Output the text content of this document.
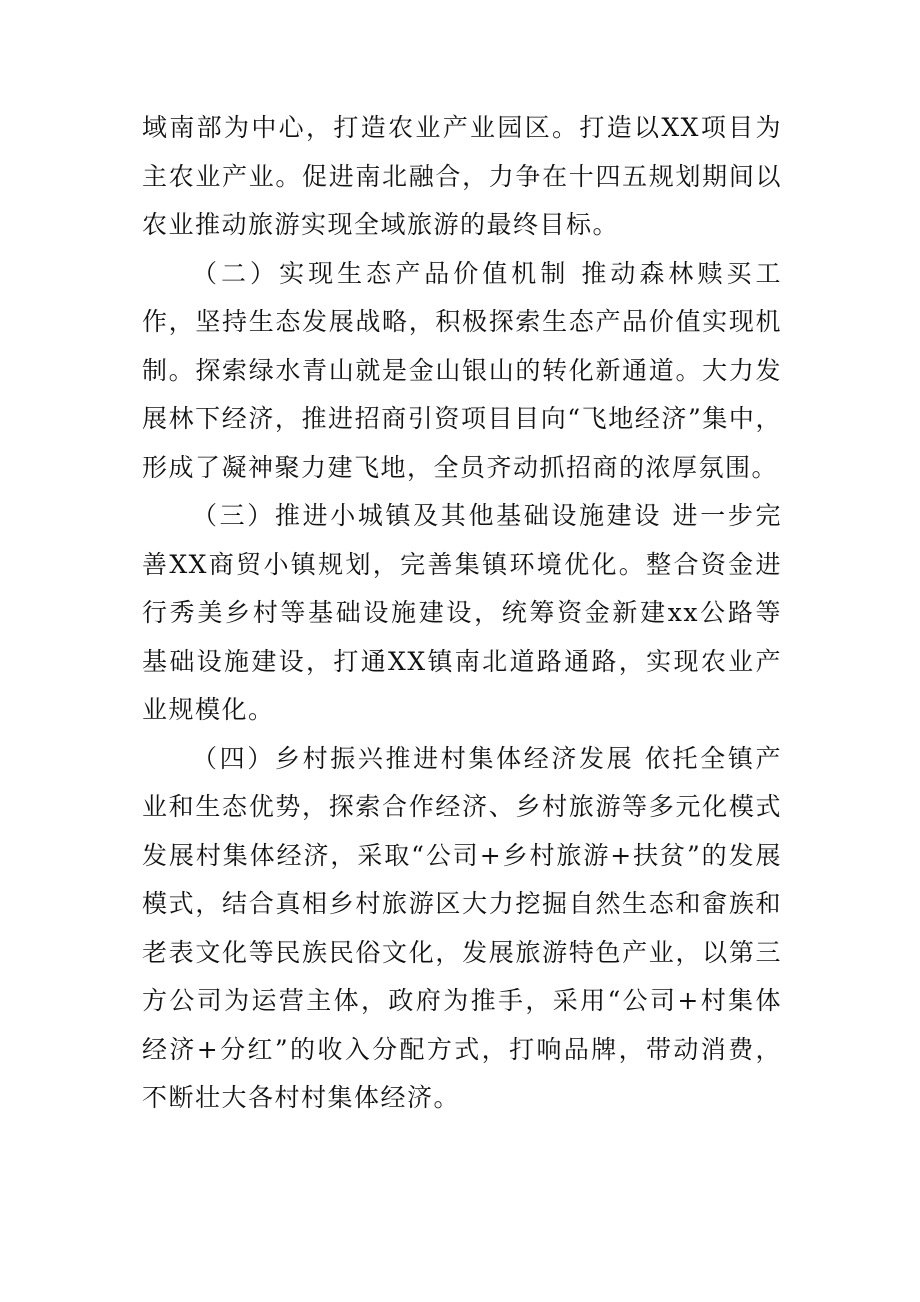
域南部为中心，打造农业产业园区。打造以XX项目为主农业产业。促进南北融合，力争在十四五规划期间以农业推动旅游实现全域旅游的最终目标。

（二）实现生态产品价值机制 推动森林赎买工作，坚持生态发展战略，积极探索生态产品价值实现机制。探索绿水青山就是金山银山的转化新通道。大力发展林下经济，推进招商引资项目目向“飞地经济”集中，形成了凝神聚力建飞地，全员齐动抓招商的浓厚氛围。

（三）推进小城镇及其他基础设施建设 进一步完善XX商贸小镇规划，完善集镇环境优化。整合资金进行秀美乡村等基础设施建设，统筹资金新建xx公路等基础设施建设，打通XX镇南北道路通路，实现农业产业规模化。

（四）乡村振兴推进村集体经济发展 依托全镇产业和生态优势，探索合作经济、乡村旅游等多元化模式发展村集体经济，采取“公司+乡村旅游+扶贫”的发展模式，结合真相乡村旅游区大力挖掘自然生态和畲族和老表文化等民族民俗文化，发展旅游特色产业，以第三方公司为运营主体，政府为推手，采用“公司+村集体经济+分红”的收入分配方式，打响品牌，带动消费，不断壮大各村村集体经济。
